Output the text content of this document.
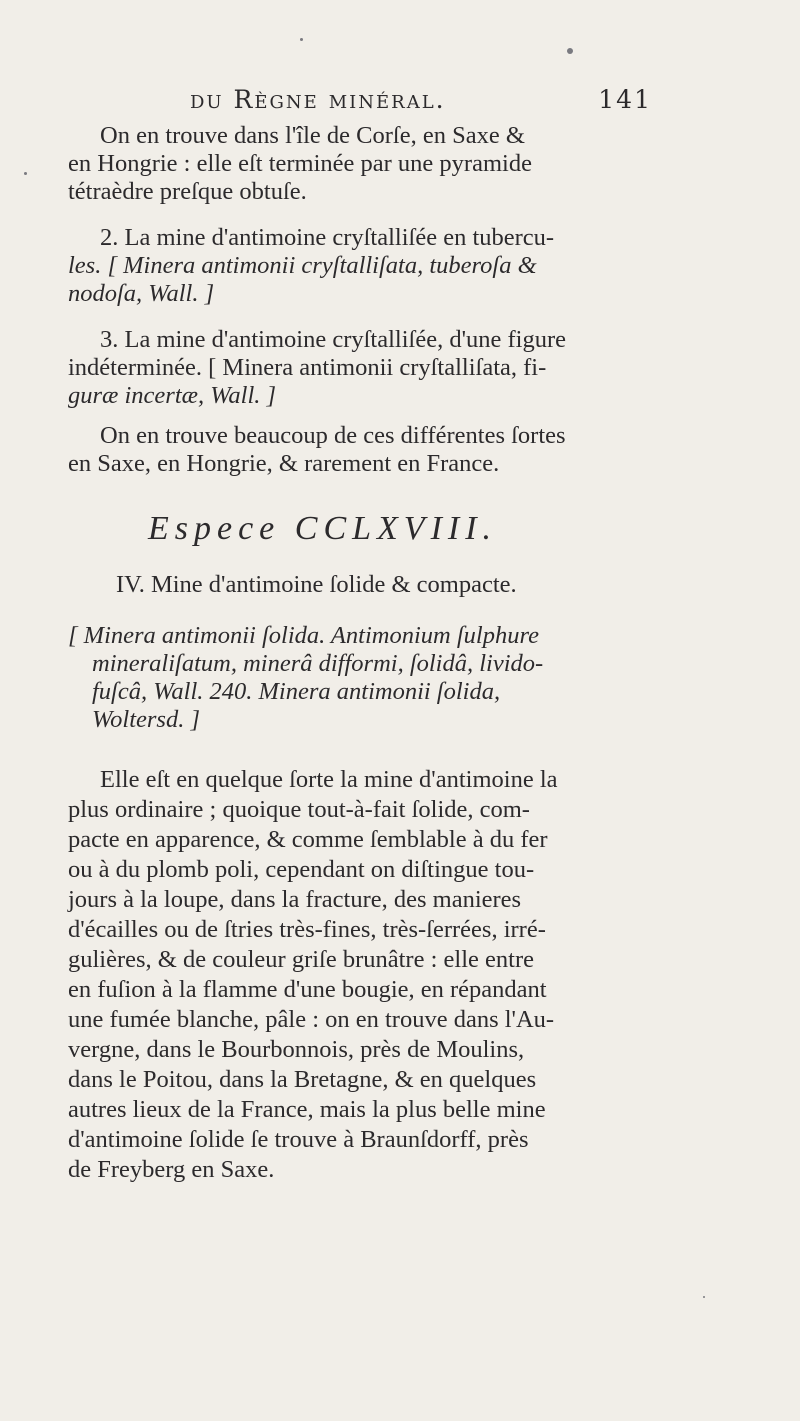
du Règne minéral.	141
On en trouve dans l'île de Corſe, en Saxe &
en Hongrie : elle eſt terminée par une pyramide
tétraèdre preſque obtuſe.
2. La mine d'antimoine cryſtalliſée en tubercu-
les. [ Minera antimonii cryſtalliſata, tuberoſa &
nodoſa, Wall. ]
3. La mine d'antimoine cryſtalliſée, d'une figure
indéterminée. [ Minera antimonii cryſtalliſata, fi-
guræ incertæ, Wall. ]
On en trouve beaucoup de ces différentes ſortes
en Saxe, en Hongrie, & rarement en France.
Espece CCLXVIII.
IV. Mine d'antimoine ſolide & compacte.
[ Minera antimonii ſolida. Antimonium ſulphure
mineraliſatum, minerâ difformi, ſolidâ, livido-
fuſcâ, Wall. 240. Minera antimonii ſolida,
Woltersd. ]
Elle eſt en quelque ſorte la mine d'antimoine la
plus ordinaire ; quoique tout-à-fait ſolide, com-
pacte en apparence, & comme ſemblable à du fer
ou à du plomb poli, cependant on diſtingue tou-
jours à la loupe, dans la fracture, des manieres
d'écailles ou de ſtries très-fines, très-ſerrées, irré-
gulières, & de couleur griſe brunâtre : elle entre
en fuſion à la flamme d'une bougie, en répandant
une fumée blanche, pâle : on en trouve dans l'Au-
vergne, dans le Bourbonnois, près de Moulins,
dans le Poitou, dans la Bretagne, & en quelques
autres lieux de la France, mais la plus belle mine
d'antimoine ſolide ſe trouve à Braunſdorff, près
de Freyberg en Saxe.
